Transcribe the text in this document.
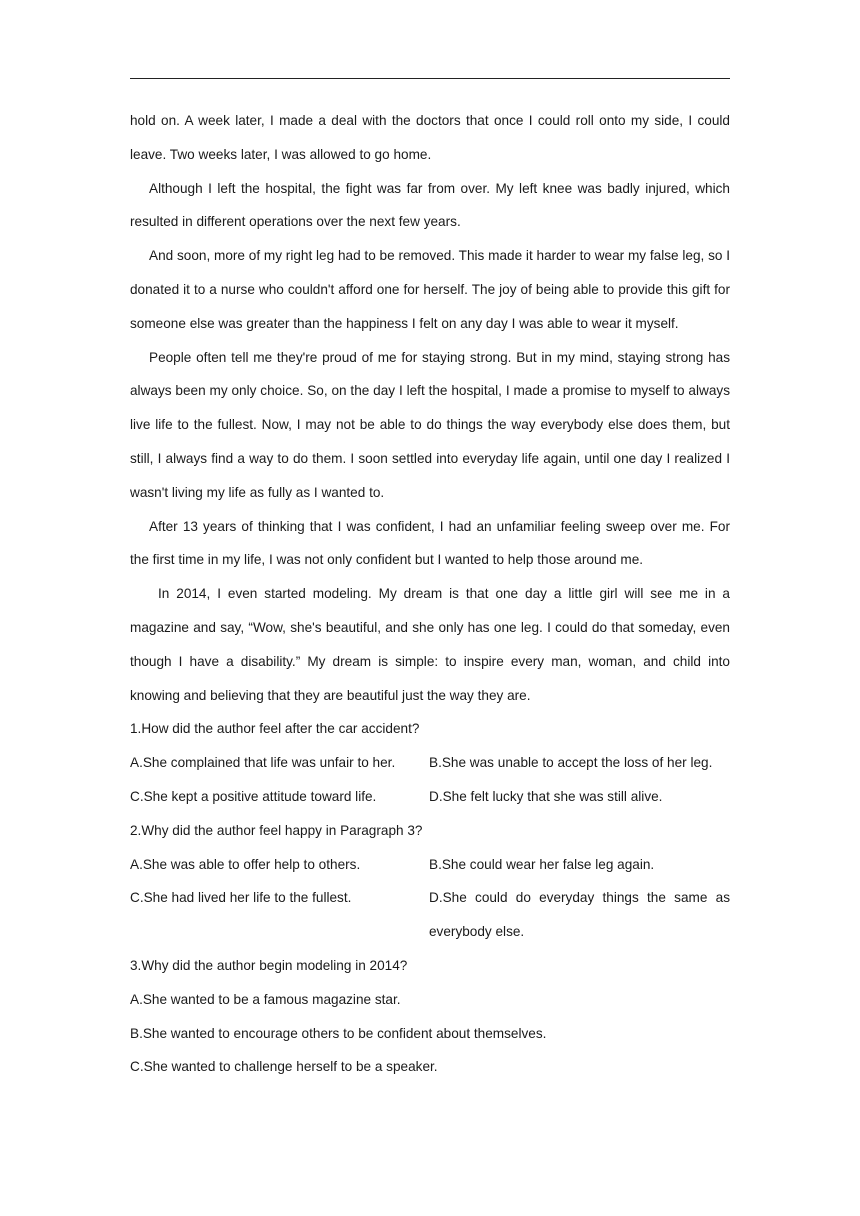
hold on. A week later, I made a deal with the doctors that once I could roll onto my side, I could leave. Two weeks later, I was allowed to go home.

Although I left the hospital, the fight was far from over. My left knee was badly injured, which resulted in different operations over the next few years.

And soon, more of my right leg had to be removed. This made it harder to wear my false leg, so I donated it to a nurse who couldn't afford one for herself. The joy of being able to provide this gift for someone else was greater than the happiness I felt on any day I was able to wear it myself.

People often tell me they're proud of me for staying strong. But in my mind, staying strong has always been my only choice. So, on the day I left the hospital, I made a promise to myself to always live life to the fullest. Now, I may not be able to do things the way everybody else does them, but still, I always find a way to do them. I soon settled into everyday life again, until one day I realized I wasn't living my life as fully as I wanted to.

After 13 years of thinking that I was confident, I had an unfamiliar feeling sweep over me. For the first time in my life, I was not only confident but I wanted to help those around me.

In 2014, I even started modeling. My dream is that one day a little girl will see me in a magazine and say, “Wow, she's beautiful, and she only has one leg. I could do that someday, even though I have a disability.” My dream is simple: to inspire every man, woman, and child into knowing and believing that they are beautiful just the way they are.

1.How did the author feel after the car accident?

A.She complained that life was unfair to her.	B.She was unable to accept the loss of her leg.
C.She kept a positive attitude toward life.	D.She felt lucky that she was still alive.

2.Why did the author feel happy in Paragraph 3?

A.She was able to offer help to others.	B.She could wear her false leg again.
C.She had lived her life to the fullest.	D.She could do everyday things the same as everybody else.

3.Why did the author begin modeling in 2014?

A.She wanted to be a famous magazine star.

B.She wanted to encourage others to be confident about themselves.

C.She wanted to challenge herself to be a speaker.
